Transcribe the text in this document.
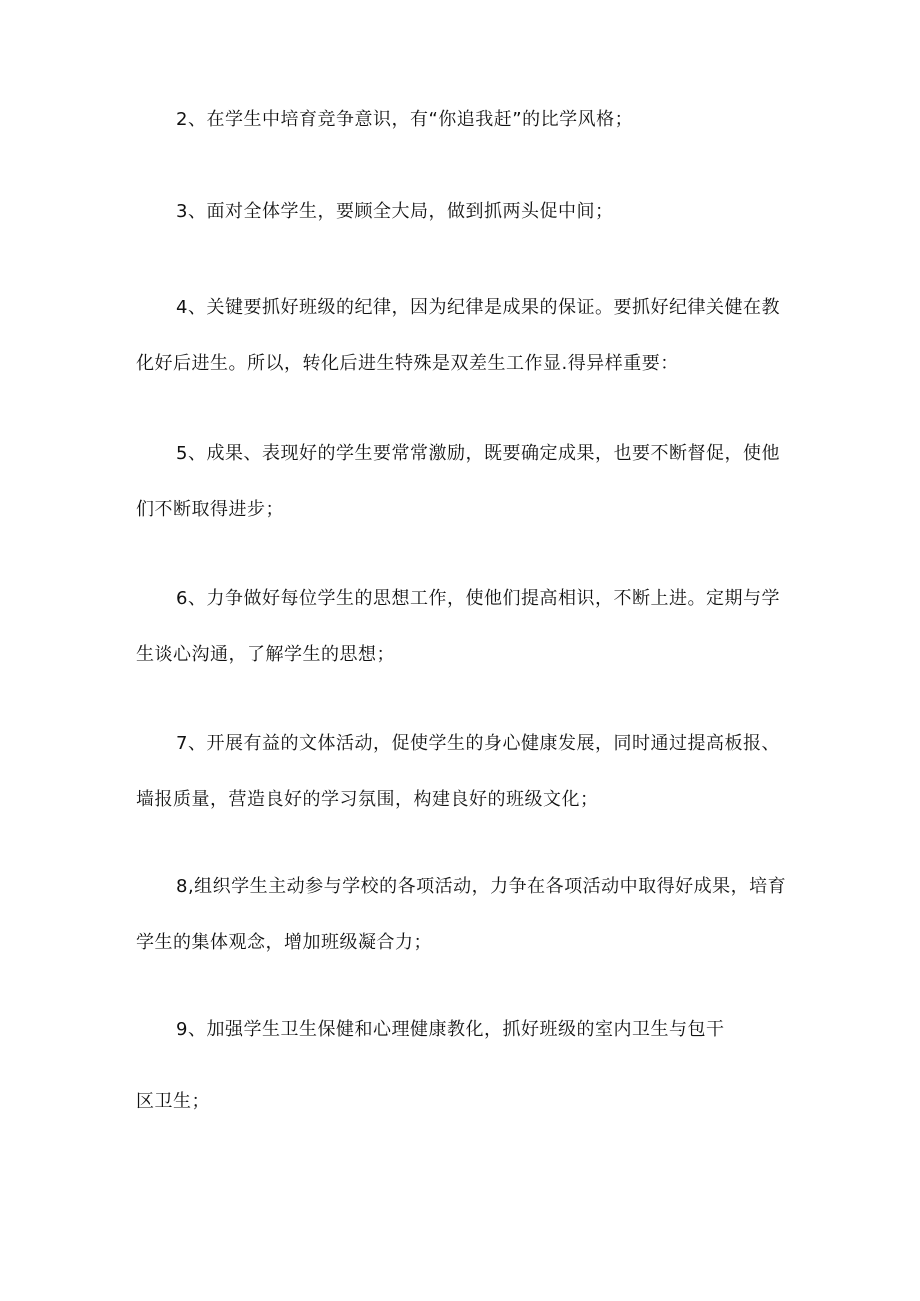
2、在学生中培育竞争意识，有“你追我赶”的比学风格；

3、面对全体学生，要顾全大局，做到抓两头促中间；

4、关键要抓好班级的纪律，因为纪律是成果的保证。要抓好纪律关健在教
化好后进生。所以，转化后进生特殊是双差生工作显.得异样重要：

5、成果、表现好的学生要常常激励，既要确定成果，也要不断督促，使他
们不断取得进步；

6、力争做好每位学生的思想工作，使他们提高相识，不断上进。定期与学
生谈心沟通，了解学生的思想；

7、开展有益的文体活动，促使学生的身心健康发展，同时通过提高板报、
墙报质量，营造良好的学习氛围，构建良好的班级文化；

8,组织学生主动参与学校的各项活动，力争在各项活动中取得好成果，培育
学生的集体观念，增加班级凝合力；

9、加强学生卫生保健和心理健康教化，抓好班级的室内卫生与包干
区卫生；
